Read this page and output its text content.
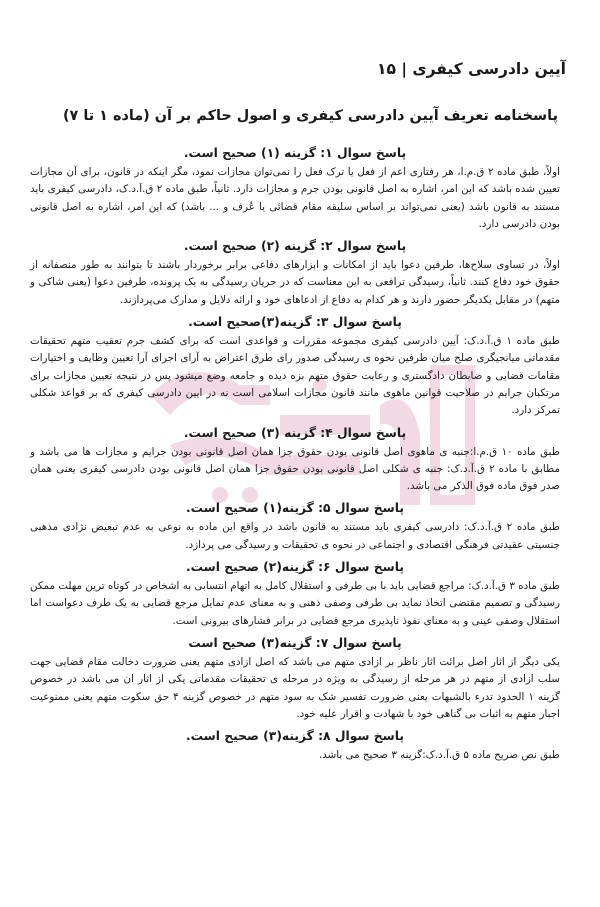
آیین دادرسی کیفری | ۱۵
پاسخنامه تعریف آیین دادرسی کیفری و اصول حاکم بر آن (ماده ۱ تا ۷)
پاسخ سوال ۱: گزینه (۱) صحیح است.

اولاً، طبق ماده ۲ ق.م.ا، هر رفتاری اعم از فعل یا ترک فعل را نمی‌توان مجازات نمود، مگر اینکه در قانون، برای آن مجازات تعیین شده باشد که این امر، اشاره به اصل قانونی بودن جرم و مجازات دارد. ثانیاً، طبق ماده ۲ ق.آ.د.ک، دادرسی کیفری باید مستند به قانون باشد (یعنی نمی‌تواند بر اساس سلیقه مقام قضائی یا عُرف و ... باشد) که این امر، اشاره به اصل قانونی بودن دادرسی دارد.

پاسخ سوال ۲: گزینه (۲) صحیح است.

اولاً، در تساوی سلاح‌ها، طرفین دعوا باید از امکانات و ابزارهای دفاعی برابر برخوردار باشند تا بتوانند به طور منصفانه از حقوق خود دفاع کنند. ثانیاً، رسیدگی ترافعی به این معناست که در جریان رسیدگی به یک پرونده، طرفین دعوا (یعنی شاکی و متهم) در مقابل یکدیگر حضور دارند و هر کدام به دفاع از ادعاهای خود و ارائه دلایل و مدارک می‌پردازند.

پاسخ سوال ۳: گزینه(۳)صحیح است.

طبق ماده ۱ ق.آ.د.ک: آیین دادرسی کیفری مجموعه مقررات و قواعدی است که برای کشف جرم تعقیب متهم تحقیقات مقدماتی میانجیگری صلح میان طرفین نحوه ی رسیدگی صدور رای طرق اعتراض به آرای اجرای آرا تعیین وظایف و اختیارات مقامات قضایی و ضابطان دادگستری و رعایت حقوق متهم بزه دیده و جامعه وضع میشود پس در نتیجه تعیین مجازات برای مرتکبان جرایم در صلاحیت قوانین ماهوی مانند قانون مجازات اسلامی است نه در ایین دادرسی کیفری که بر قواعد شکلی تمرکز دارد.

پاسخ سوال ۴: گزینه (۳) صحیح است.

طبق ماده ۱۰ ق.م.ا:جنبه ی ماهوی اصل قانونی بودن حقوق جزا همان اصل قانونی بودن جرایم و مجازات ها می باشد و مطابق با ماده ۲ ق.آ.د.ک: جنبه ی شکلی اصل قانونی بودن حقوق جزا همان اصل قانونی بودن دادرسی کیفری یعنی همان صدر فوق ماده فوق الذکر می باشد.

پاسخ سوال ۵: گزینه(۱) صحیح است.

طبق ماده ۲ ق.آ.د.ک: دادرسی کیفری باید مستند به قانون باشد در واقع این ماده به نوعی به عدم تبعیض نژادی مذهبی جنسیتی عقیدتی فرهنگی اقتصادی و اجتماعی در نحوه ی تحقیقات و رسیدگی می پردازد.

پاسخ سوال ۶: گزینه(۲) صحیح است.

طبق ماده ۳ ق.آ.د.ک: مراجع قضایی باید با بی طرفی و استقلال کامل به اتهام انتسابی به اشخاص در کوتاه ترین مهلت ممکن رسیدگی و تصمیم مقتضی اتخاذ نماید بی طرفی وصفی ذهنی و به معنای عدم تمایل مرجع قضایی به یک طرف دعواست اما استقلال وصفی عینی و به معنای نفوذ ناپذیری مرجع قضایی در برابر فشارهای بیرونی است.

پاسخ سوال ۷: گزینه(۳) صحیح است

یکی دیگر از اثار اصل برائت اثار ناظر بر ازادی متهم می باشد که اصل ازادی متهم یعنی ضرورت دخالت مقام قضایی جهت سلب ازادی از متهم در هر مرحله از رسیدگی به ویژه در مرحله ی تحقیقات مقدماتی یکی از اثار ان می باشد در خصوص گزینه ۱ الحدود تدرء بالشبهات یعنی ضرورت تفسیر شک به سود متهم در خصوص گزینه ۴ حق سکوت متهم یعنی ممنوعیت اجبار متهم به اثبات بی گناهی خود با شهادت و اقرار علیه خود.

پاسخ سوال ۸: گزینه(۳) صحیح است.

طبق نص صریح ماده ۵ ق.آ.د.ک:گزینه ۳ صحیح می باشد.
